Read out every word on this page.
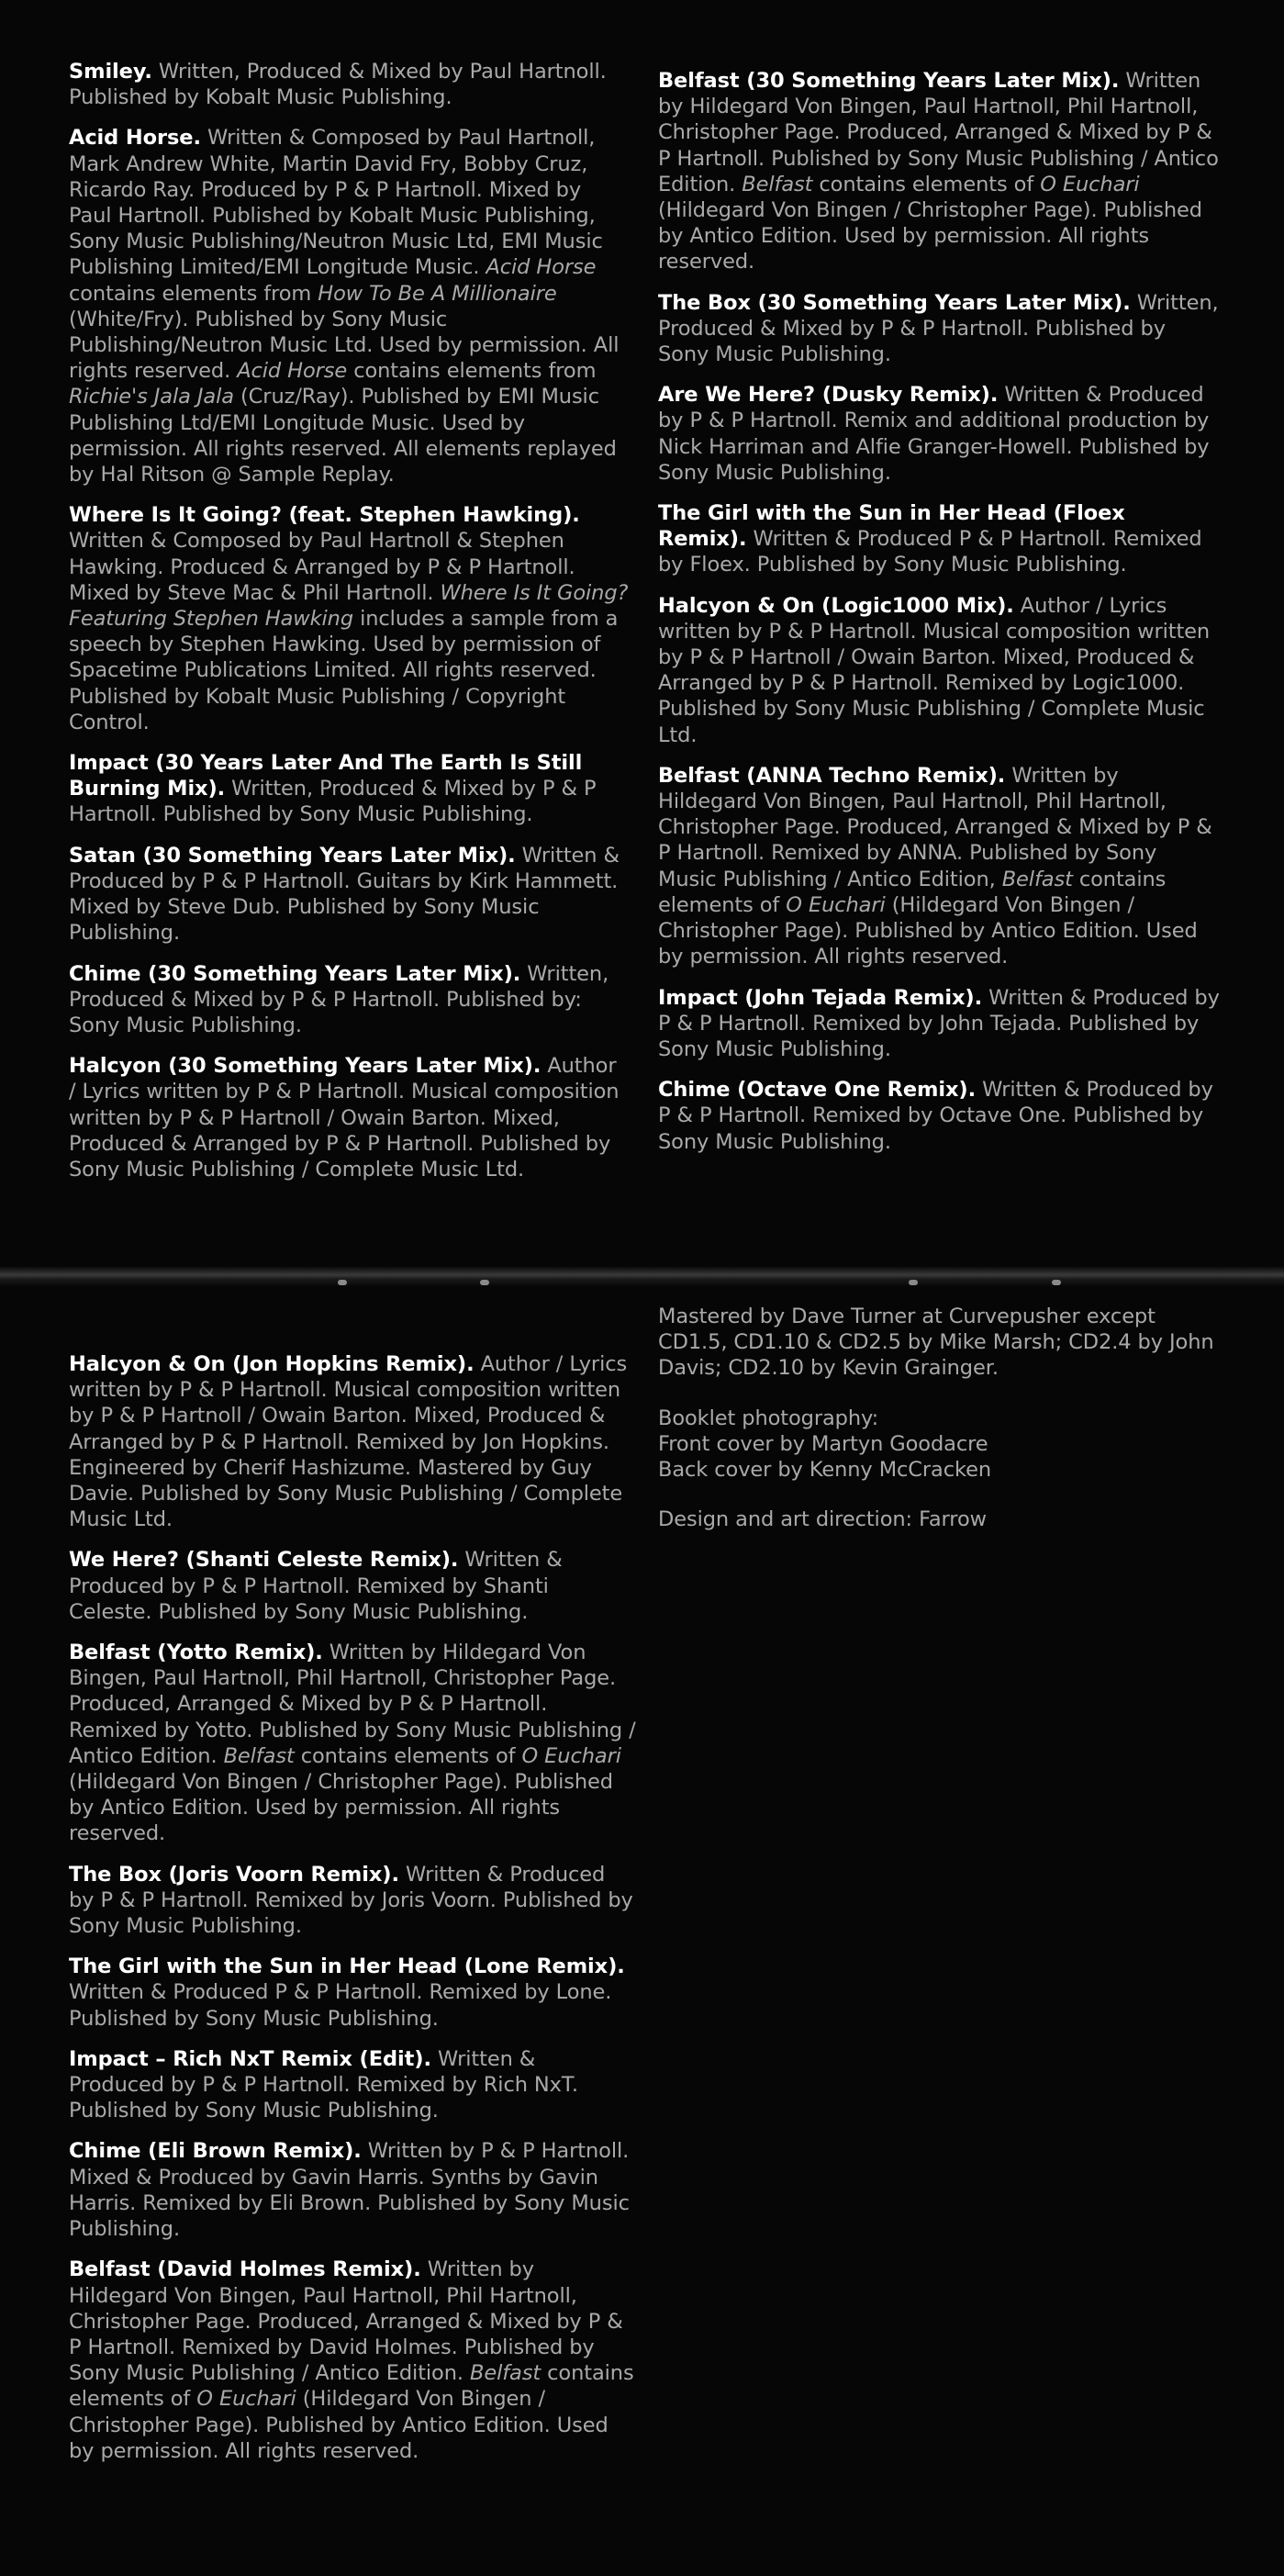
Smiley. Written, Produced & Mixed by Paul Hartnoll. Published by Kobalt Music Publishing.
Acid Horse. Written & Composed by Paul Hartnoll, Mark Andrew White, Martin David Fry, Bobby Cruz, Ricardo Ray. Produced by P & P Hartnoll. Mixed by Paul Hartnoll. Published by Kobalt Music Publishing, Sony Music Publishing/Neutron Music Ltd, EMI Music Publishing Limited/EMI Longitude Music. Acid Horse contains elements from How To Be A Millionaire (White/Fry). Published by Sony Music Publishing/Neutron Music Ltd. Used by permission. All rights reserved. Acid Horse contains elements from Richie's Jala Jala (Cruz/Ray). Published by EMI Music Publishing Ltd/EMI Longitude Music. Used by permission. All rights reserved. All elements replayed by Hal Ritson @ Sample Replay.
Where Is It Going? (feat. Stephen Hawking). Written & Composed by Paul Hartnoll & Stephen Hawking. Produced & Arranged by P & P Hartnoll. Mixed by Steve Mac & Phil Hartnoll. Where Is It Going? Featuring Stephen Hawking includes a sample from a speech by Stephen Hawking. Used by permission of Spacetime Publications Limited. All rights reserved. Published by Kobalt Music Publishing / Copyright Control.
Impact (30 Years Later And The Earth Is Still Burning Mix). Written, Produced & Mixed by P & P Hartnoll. Published by Sony Music Publishing.
Satan (30 Something Years Later Mix). Written & Produced by P & P Hartnoll. Guitars by Kirk Hammett. Mixed by Steve Dub. Published by Sony Music Publishing.
Chime (30 Something Years Later Mix). Written, Produced & Mixed by P & P Hartnoll. Published by: Sony Music Publishing.
Halcyon (30 Something Years Later Mix). Author / Lyrics written by P & P Hartnoll. Musical composition written by P & P Hartnoll / Owain Barton. Mixed, Produced & Arranged by P & P Hartnoll. Published by Sony Music Publishing / Complete Music Ltd.
Belfast (30 Something Years Later Mix). Written by Hildegard Von Bingen, Paul Hartnoll, Phil Hartnoll, Christopher Page. Produced, Arranged & Mixed by P & P Hartnoll. Published by Sony Music Publishing / Antico Edition. Belfast contains elements of O Euchari (Hildegard Von Bingen / Christopher Page). Published by Antico Edition. Used by permission. All rights reserved.
The Box (30 Something Years Later Mix). Written, Produced & Mixed by P & P Hartnoll. Published by Sony Music Publishing.
Are We Here? (Dusky Remix). Written & Produced by P & P Hartnoll. Remix and additional production by Nick Harriman and Alfie Granger-Howell. Published by Sony Music Publishing.
The Girl with the Sun in Her Head (Floex Remix). Written & Produced P & P Hartnoll. Remixed by Floex. Published by Sony Music Publishing.
Halcyon & On (Logic1000 Mix). Author / Lyrics written by P & P Hartnoll. Musical composition written by P & P Hartnoll / Owain Barton. Mixed, Produced & Arranged by P & P Hartnoll. Remixed by Logic1000. Published by Sony Music Publishing / Complete Music Ltd.
Belfast (ANNA Techno Remix). Written by Hildegard Von Bingen, Paul Hartnoll, Phil Hartnoll, Christopher Page. Produced, Arranged & Mixed by P & P Hartnoll. Remixed by ANNA. Published by Sony Music Publishing / Antico Edition, Belfast contains elements of O Euchari (Hildegard Von Bingen / Christopher Page). Published by Antico Edition. Used by permission. All rights reserved.
Impact (John Tejada Remix). Written & Produced by P & P Hartnoll. Remixed by John Tejada. Published by Sony Music Publishing.
Chime (Octave One Remix). Written & Produced by P & P Hartnoll. Remixed by Octave One. Published by Sony Music Publishing.
Halcyon & On (Jon Hopkins Remix). Author / Lyrics written by P & P Hartnoll. Musical composition written by P & P Hartnoll / Owain Barton. Mixed, Produced & Arranged by P & P Hartnoll. Remixed by Jon Hopkins. Engineered by Cherif Hashizume. Mastered by Guy Davie. Published by Sony Music Publishing / Complete Music Ltd.
We Here? (Shanti Celeste Remix). Written & Produced by P & P Hartnoll. Remixed by Shanti Celeste. Published by Sony Music Publishing.
Belfast (Yotto Remix). Written by Hildegard Von Bingen, Paul Hartnoll, Phil Hartnoll, Christopher Page. Produced, Arranged & Mixed by P & P Hartnoll. Remixed by Yotto. Published by Sony Music Publishing / Antico Edition. Belfast contains elements of O Euchari (Hildegard Von Bingen / Christopher Page). Published by Antico Edition. Used by permission. All rights reserved.
The Box (Joris Voorn Remix). Written & Produced by P & P Hartnoll. Remixed by Joris Voorn. Published by Sony Music Publishing.
The Girl with the Sun in Her Head (Lone Remix). Written & Produced P & P Hartnoll. Remixed by Lone. Published by Sony Music Publishing.
Impact – Rich NxT Remix (Edit). Written & Produced by P & P Hartnoll. Remixed by Rich NxT. Published by Sony Music Publishing.
Chime (Eli Brown Remix). Written by P & P Hartnoll. Mixed & Produced by Gavin Harris. Synths by Gavin Harris. Remixed by Eli Brown. Published by Sony Music Publishing.
Belfast (David Holmes Remix). Written by Hildegard Von Bingen, Paul Hartnoll, Phil Hartnoll, Christopher Page. Produced, Arranged & Mixed by P & P Hartnoll. Remixed by David Holmes. Published by Sony Music Publishing / Antico Edition. Belfast contains elements of O Euchari (Hildegard Von Bingen / Christopher Page). Published by Antico Edition. Used by permission. All rights reserved.
Mastered by Dave Turner at Curvepusher except CD1.5, CD1.10 & CD2.5 by Mike Marsh; CD2.4 by John Davis; CD2.10 by Kevin Grainger.
Booklet photography:
Front cover by Martyn Goodacre
Back cover by Kenny McCracken
Design and art direction: Farrow
